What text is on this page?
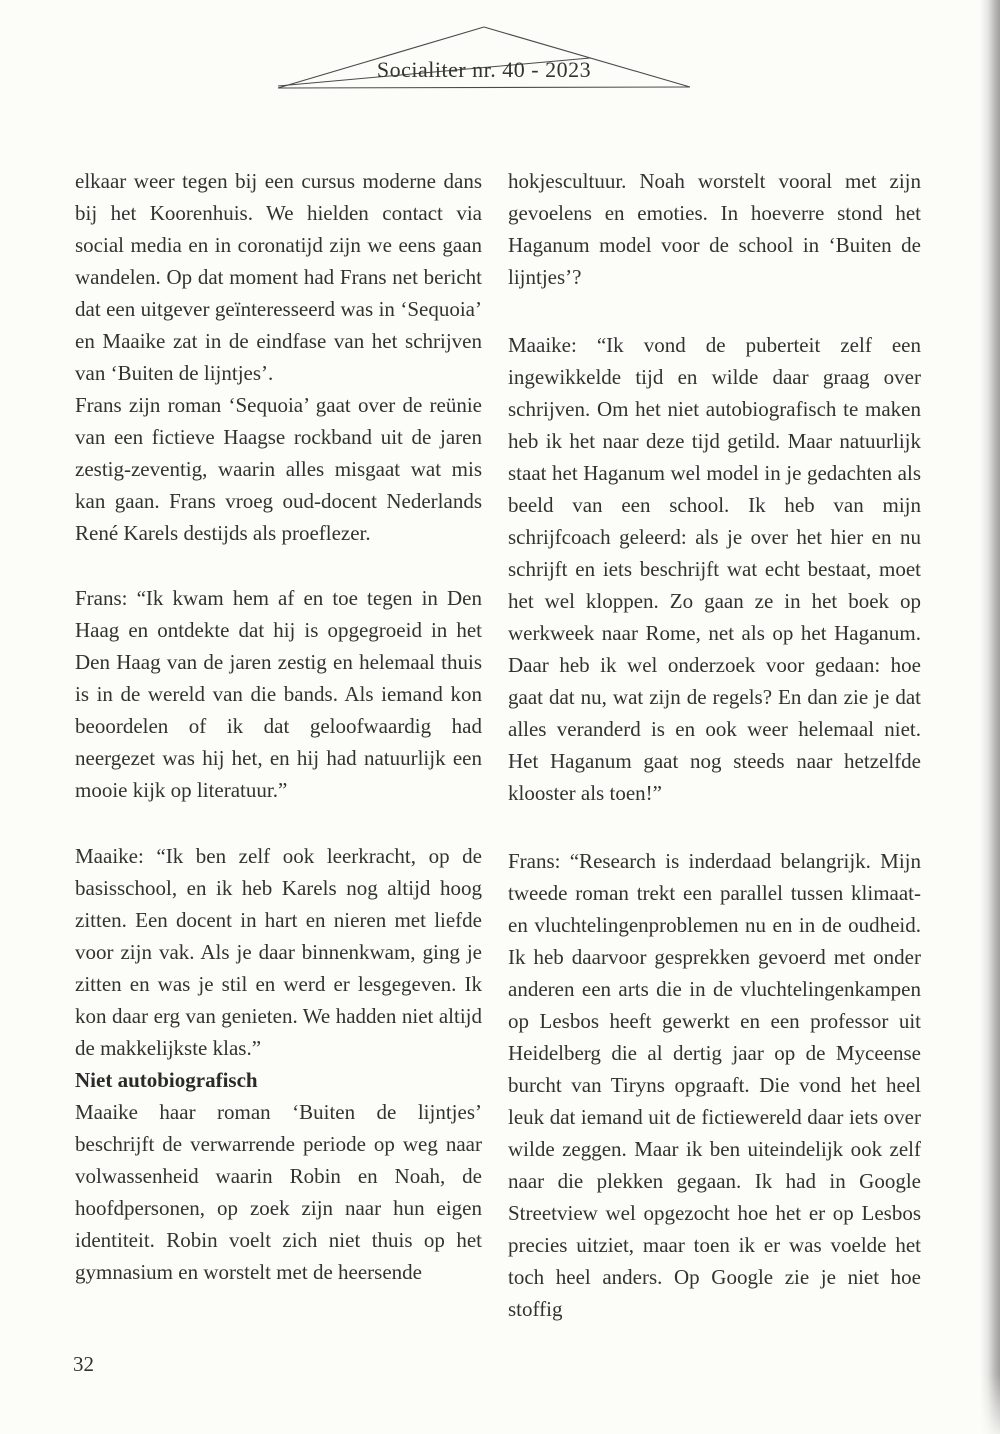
Socialiter nr. 40 - 2023

elkaar weer tegen bij een cursus moderne dans bij het Koorenhuis. We hielden contact via social media en in coronatijd zijn we eens gaan wandelen. Op dat moment had Frans net bericht dat een uitgever geïnteresseerd was in ‘Sequoia’ en Maaike zat in de eindfase van het schrijven van ‘Buiten de lijntjes’.

Frans zijn roman ‘Sequoia’ gaat over de reünie van een fictieve Haagse rockband uit de jaren zestig-zeventig, waarin alles misgaat wat mis kan gaan. Frans vroeg oud-docent Nederlands René Karels destijds als proeflezer.

Frans: “Ik kwam hem af en toe tegen in Den Haag en ontdekte dat hij is opgegroeid in het Den Haag van de jaren zestig en helemaal thuis is in de wereld van die bands. Als iemand kon beoordelen of ik dat geloofwaardig had neergezet was hij het, en hij had natuurlijk een mooie kijk op literatuur.”

Maaike: “Ik ben zelf ook leerkracht, op de basisschool, en ik heb Karels nog altijd hoog zitten. Een docent in hart en nieren met liefde voor zijn vak. Als je daar binnenkwam, ging je zitten en was je stil en werd er lesgegeven. Ik kon daar erg van genieten. We hadden niet altijd de makkelijkste klas.”

Niet autobiografisch

Maaike haar roman ‘Buiten de lijntjes’ beschrijft de verwarrende periode op weg naar volwassenheid waarin Robin en Noah, de hoofdpersonen, op zoek zijn naar hun eigen identiteit. Robin voelt zich niet thuis op het gymnasium en worstelt met de heersende

hokjescultuur. Noah worstelt vooral met zijn gevoelens en emoties. In hoeverre stond het Haganum model voor de school in ‘Buiten de lijntjes’?

Maaike: “Ik vond de puberteit zelf een ingewikkelde tijd en wilde daar graag over schrijven. Om het niet autobiografisch te maken heb ik het naar deze tijd getild. Maar natuurlijk staat het Haganum wel model in je gedachten als beeld van een school. Ik heb van mijn schrijfcoach geleerd: als je over het hier en nu schrijft en iets beschrijft wat echt bestaat, moet het wel kloppen. Zo gaan ze in het boek op werkweek naar Rome, net als op het Haganum. Daar heb ik wel onderzoek voor gedaan: hoe gaat dat nu, wat zijn de regels? En dan zie je dat alles veranderd is en ook weer helemaal niet. Het Haganum gaat nog steeds naar hetzelfde klooster als toen!”

Frans: “Research is inderdaad belangrijk. Mijn tweede roman trekt een parallel tussen klimaat- en vluchtelingenproblemen nu en in de oudheid. Ik heb daarvoor gesprekken gevoerd met onder anderen een arts die in de vluchtelingenkampen op Lesbos heeft gewerkt en een professor uit Heidelberg die al dertig jaar op de Myceense burcht van Tiryns opgraaft. Die vond het heel leuk dat iemand uit de fictiewereld daar iets over wilde zeggen. Maar ik ben uiteindelijk ook zelf naar die plekken gegaan. Ik had in Google Streetview wel opgezocht hoe het er op Lesbos precies uitziet, maar toen ik er was voelde het toch heel anders. Op Google zie je niet hoe stoffig

32
